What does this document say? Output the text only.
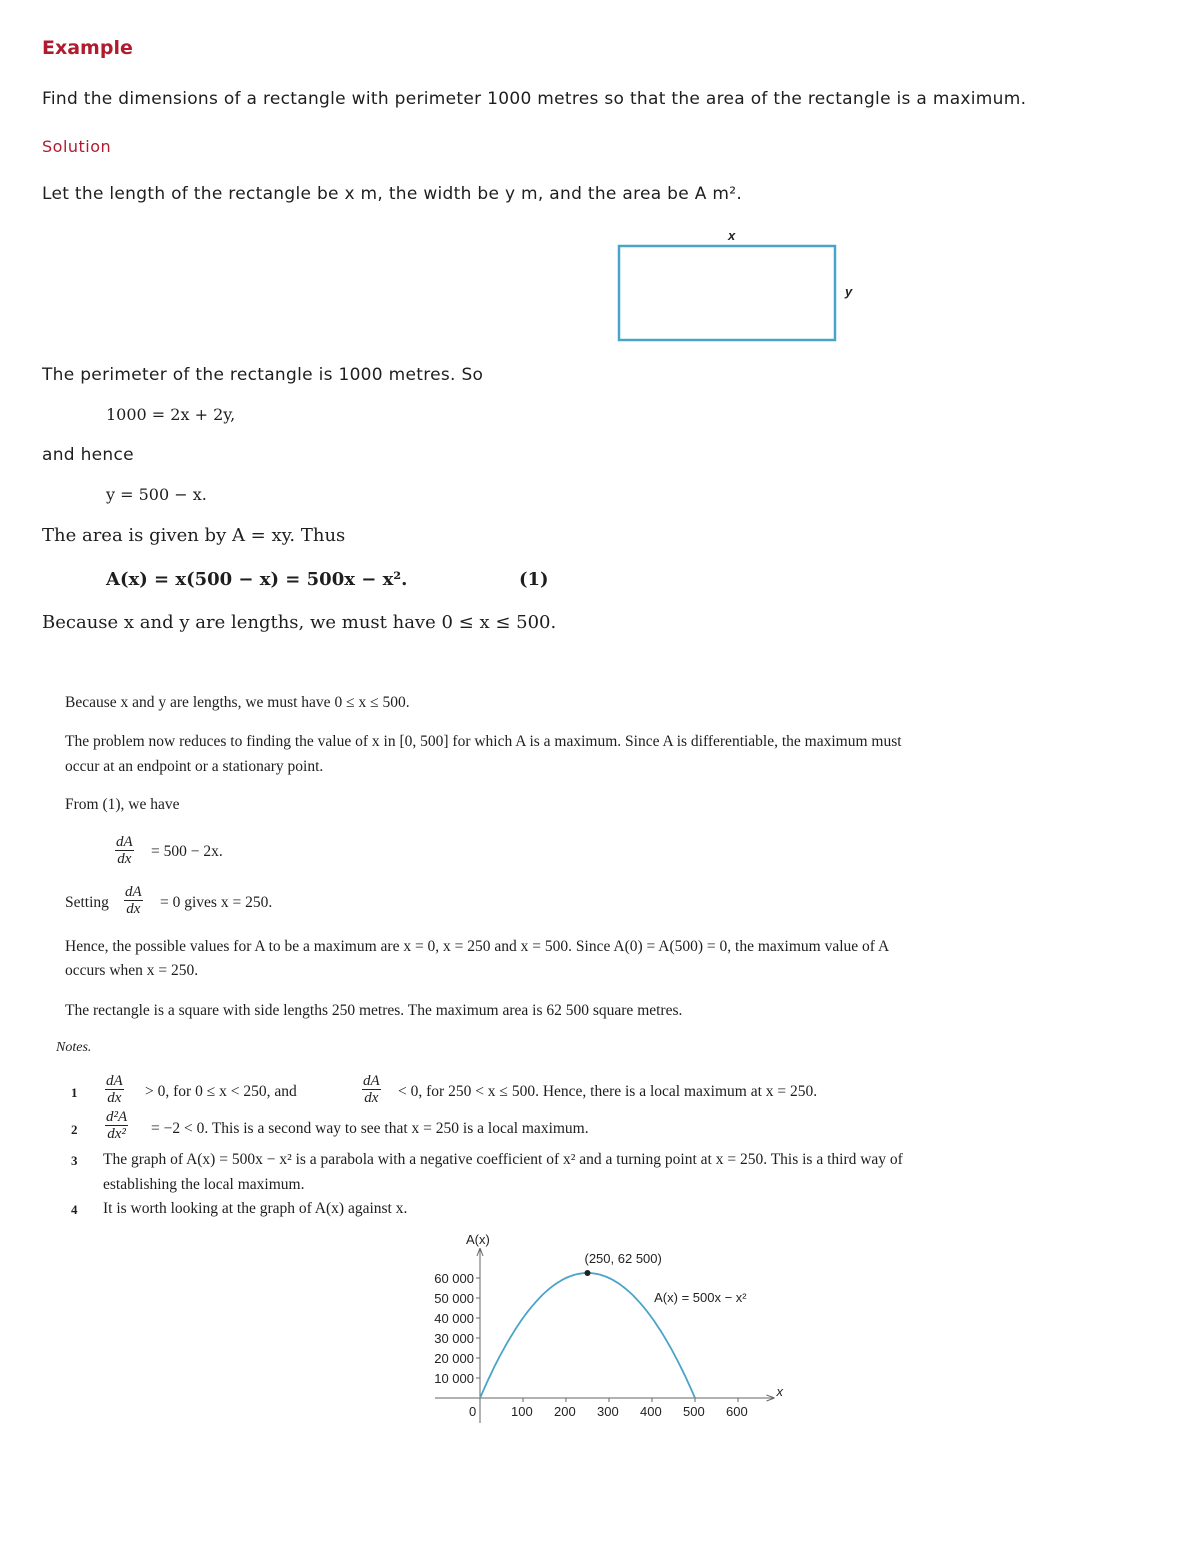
Example
Find the dimensions of a rectangle with perimeter 1000 metres so that the area of the rectangle is a maximum.
Solution
Let the length of the rectangle be x m, the width be y m, and the area be A m².
x
y
The perimeter of the rectangle is 1000 metres. So
1000 = 2x + 2y,
and hence
y = 500 − x.
The area is given by A = xy. Thus
A(x) = x(500 − x) = 500x − x².	(1)
Because x and y are lengths, we must have 0 ≤ x ≤ 500.
Because x and y are lengths, we must have 0 ≤ x ≤ 500.
The problem now reduces to finding the value of x in [0, 500] for which A is a maximum. Since A is differentiable, the maximum must
occur at an endpoint or a stationary point.
From (1), we have
$\frac{dA}{dx} = 500 - 2x$.
Setting $\frac{dA}{dx} = 0$ gives x = 250.
Hence, the possible values for A to be a maximum are x = 0, x = 250 and x = 500. Since A(0) = A(500) = 0, the maximum value of A
occurs when x = 250.
The rectangle is a square with side lengths 250 metres. The maximum area is 62 500 square metres.
Notes.
$1 \frac{dA}{dx} > 0$, for 0 ≤ x < 250, and	$\frac{dA}{dx} < 0$, for 250 < x ≤ 500. Hence, there is a local maximum at x = 250.
$2 \frac{\text{d²A}}{\text{dx²}} = -2 < 0$. This is a second way to see that x = 250 is a local maximum.
3 The graph of A(x) = 500x − x² is a parabola with a negative coefficient of x² and a turning point at x = 250. This is a third way of
establishing the local maximum.
4 It is worth looking at the graph of A(x) against x.
x
A(x)
0	100 200 300 400 500 600
10 000
20 000
30 000
40 000
50 000
60 000
(250, 62 500)
A(x) = 500x − x²
